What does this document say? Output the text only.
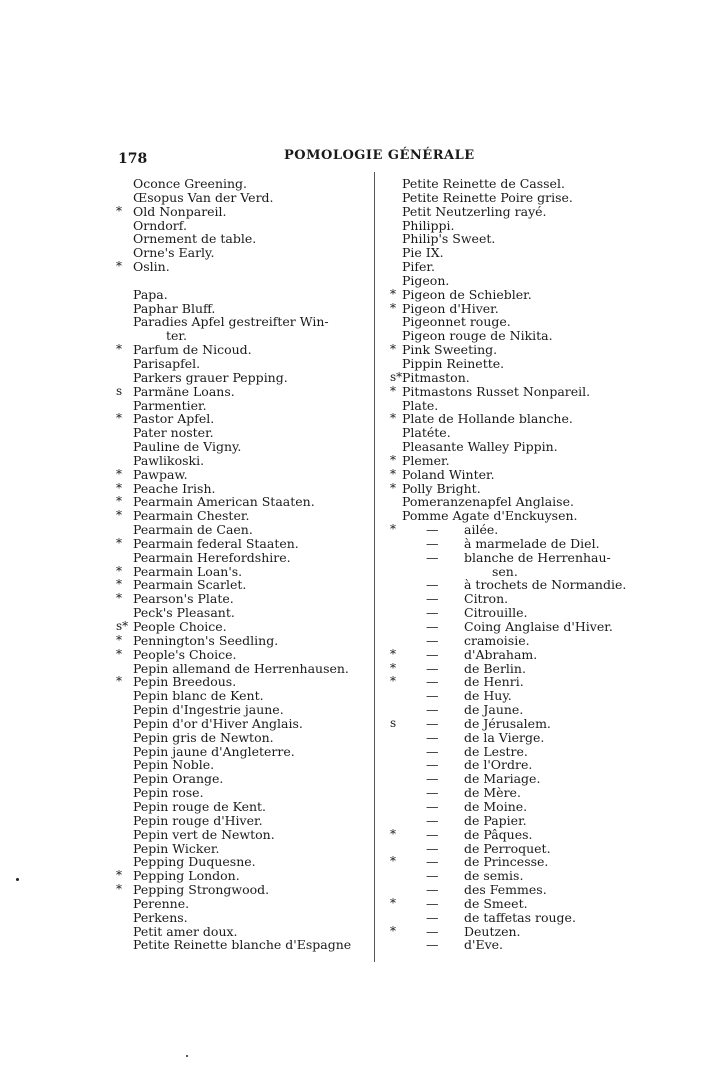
178	POMOLOGIE GÉNÉRALE
Oconce Greening.
Œsopus Van der Verd.
* Old Nonpareil.
Orndorf.
Ornement de table.
Orne's Early.
* Oslin.
Papa.
Paphar Bluff.
Paradies Apfel gestreifter Win-
ter.
* Parfum de Nicoud.
Parisapfel.
Parkers grauer Pepping.
s Parmäne Loans.
Parmentier.
* Pastor Apfel.
Pater noster.
Pauline de Vigny.
Pawlikoski.
* Pawpaw.
* Peache Irish.
* Pearmain American Staaten.
* Pearmain Chester.
Pearmain de Caen.
* Pearmain federal Staaten.
Pearmain Herefordshire.
* Pearmain Loan's.
* Pearmain Scarlet.
* Pearson's Plate.
Peck's Pleasant.
s* People Choice.
* Pennington's Seedling.
* People's Choice.
Pepin allemand de Herrenhausen.
* Pepin Breedous.
Pepin blanc de Kent.
Pepin d'Ingestrie jaune.
Pepin d'or d'Hiver Anglais.
Pepin gris de Newton.
Pepin jaune d'Angleterre.
Pepin Noble.
Pepin Orange.
Pepin rose.
Pepin rouge de Kent.
Pepin rouge d'Hiver.
Pepin vert de Newton.
Pepin Wicker.
Pepping Duquesne.
* Pepping London.
* Pepping Strongwood.
Perenne.
Perkens.
Petit amer doux.
Petite Reinette blanche d'Espagne
Petite Reinette de Cassel.
Petite Reinette Poire grise.
Petit Neutzerling rayé.
Philippi.
Philip's Sweet.
Pie IX.
Pifer.
Pigeon.
* Pigeon de Schiebler.
* Pigeon d'Hiver.
Pigeonnet rouge.
Pigeon rouge de Nikita.
* Pink Sweeting.
Pippin Reinette.
s* Pitmaston.
* Pitmastons Russet Nonpareil.
Plate.
* Plate de Hollande blanche.
Platéte.
Pleasante Walley Pippin.
* Plemer.
* Poland Winter.
* Polly Bright.
Pomeranzenapfel Anglaise.
Pomme Agate d'Enckuysen.
* — ailée.
— à marmelade de Diel.
— blanche de Herrenhau-
sen.
— à trochets de Normandie.
— Citron.
— Citrouille.
— Coing Anglaise d'Hiver.
— cramoisie.
* — d'Abraham.
* — de Berlin.
* — de Henri.
— de Huy.
— de Jaune.
s — de Jérusalem.
— de la Vierge.
— de Lestre.
— de l'Ordre.
— de Mariage.
— de Mère.
— de Moine.
— de Papier.
* — de Pâques.
— de Perroquet.
* — de Princesse.
— de semis.
— des Femmes.
* — de Smeet.
— de taffetas rouge.
* — Deutzen.
— d'Eve.
